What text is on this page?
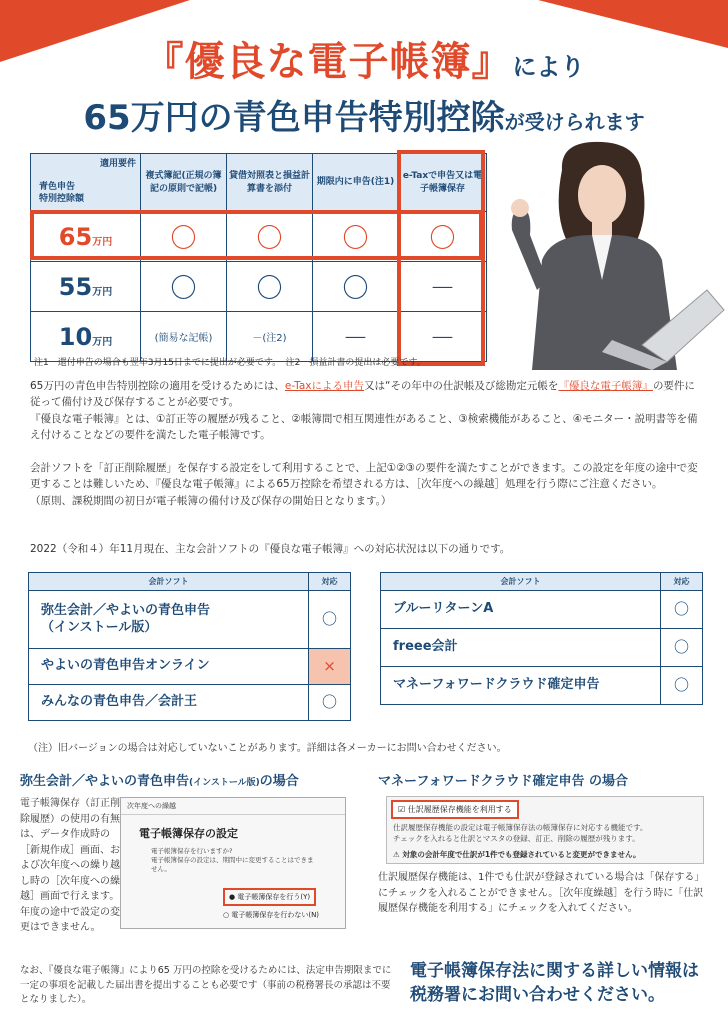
『優良な電子帳簿』により
65万円の青色申告特別控除が受けられます
適用要件
青色申告
特別控除額	複式簿記(正規の簿記の原則で記帳)	貸借対照表と損益計算書を添付	期限内に申告(注1)	e-Taxで申告又は電子帳簿保存
65万円	〇	〇	〇	〇
55万円	〇	〇	〇	－
10万円	(簡易な記帳)	－(注2)	－	－
注1　還付申告の場合も翌年3月15日までに提出が必要です。　注2　損益計書の提出は必要です。
65万円の青色申告特別控除の適用を受けるためには、e-Taxによる申告又は“その年中の仕訳帳及び総勘定元帳を『優良な電子帳簿』の要件に従って備付け及び保存することが必要です。
『優良な電子帳簿』とは、①訂正等の履歴が残ること、②帳簿間で相互関連性があること、③検索機能があること、④モニター・説明書等を備え付けることなどの要件を満たした電子帳簿です。
会計ソフトを「訂正削除履歴」を保存する設定をして利用することで、上記①②③の要件を満たすことができます。この設定を年度の途中で変更することは難しいため、『優良な電子帳簿』による65万控除を希望される方は、［次年度への繰越］処理を行う際にご注意ください。
（原則、課税期間の初日が電子帳簿の備付け及び保存の開始日となります。）
2022（令和４）年11月現在、主な会計ソフトの『優良な電子帳簿』への対応状況は以下の通りです。
会計ソフト	対応
弥生会計／やよいの青色申告
（インストール版）	〇
やよいの青色申告オンライン	×
みんなの青色申告／会計王	〇
会計ソフト	対応
ブルーリターンA	〇
freee会計	〇
マネーフォワードクラウド確定申告	〇
（注）旧バージョンの場合は対応していないことがあります。詳細は各メーカーにお問い合わせください。
弥生会計／やよいの青色申告(インストール版)の場合	マネーフォワードクラウド確定申告 の場合
電子帳簿保存（訂正削除履歴）の使用の有無は、データ作成時の［新規作成］画面、および次年度への繰り越し時の［次年度への繰越］画面で行えます。年度の途中で設定の変更はできません。
次年度への繰越
電子帳簿保存の設定
電子帳簿保存を行いますか?
電子帳簿保存の設定は、期間中に変更することはできません。
● 電子帳簿保存を行う(Y)
○ 電子帳簿保存を行わない(N)
☑ 仕訳履歴保存機能を利用する
仕訳履歴保存機能の設定は電子帳簿保存法の帳簿保存に対応する機能です。
チェックを入れると仕訳とマスタの登録、訂正、削除の履歴が残ります。
⚠ 対象の会計年度で仕訳が1件でも登録されていると変更ができません。
仕訳履歴保存機能は、1件でも仕訳が登録されている場合は「保存する」にチェックを入れることができません。［次年度繰越］を行う時に「仕訳履歴保存機能を利用する」にチェックを入れてください。
なお、『優良な電子帳簿』により65 万円の控除を受けるためには、法定申告期限までに一定の事項を記載した届出書を提出することも必要です（事前の税務署長の承認は不要となりました）。
電子帳簿保存法に関する詳しい情報は税務署にお問い合わせください。
